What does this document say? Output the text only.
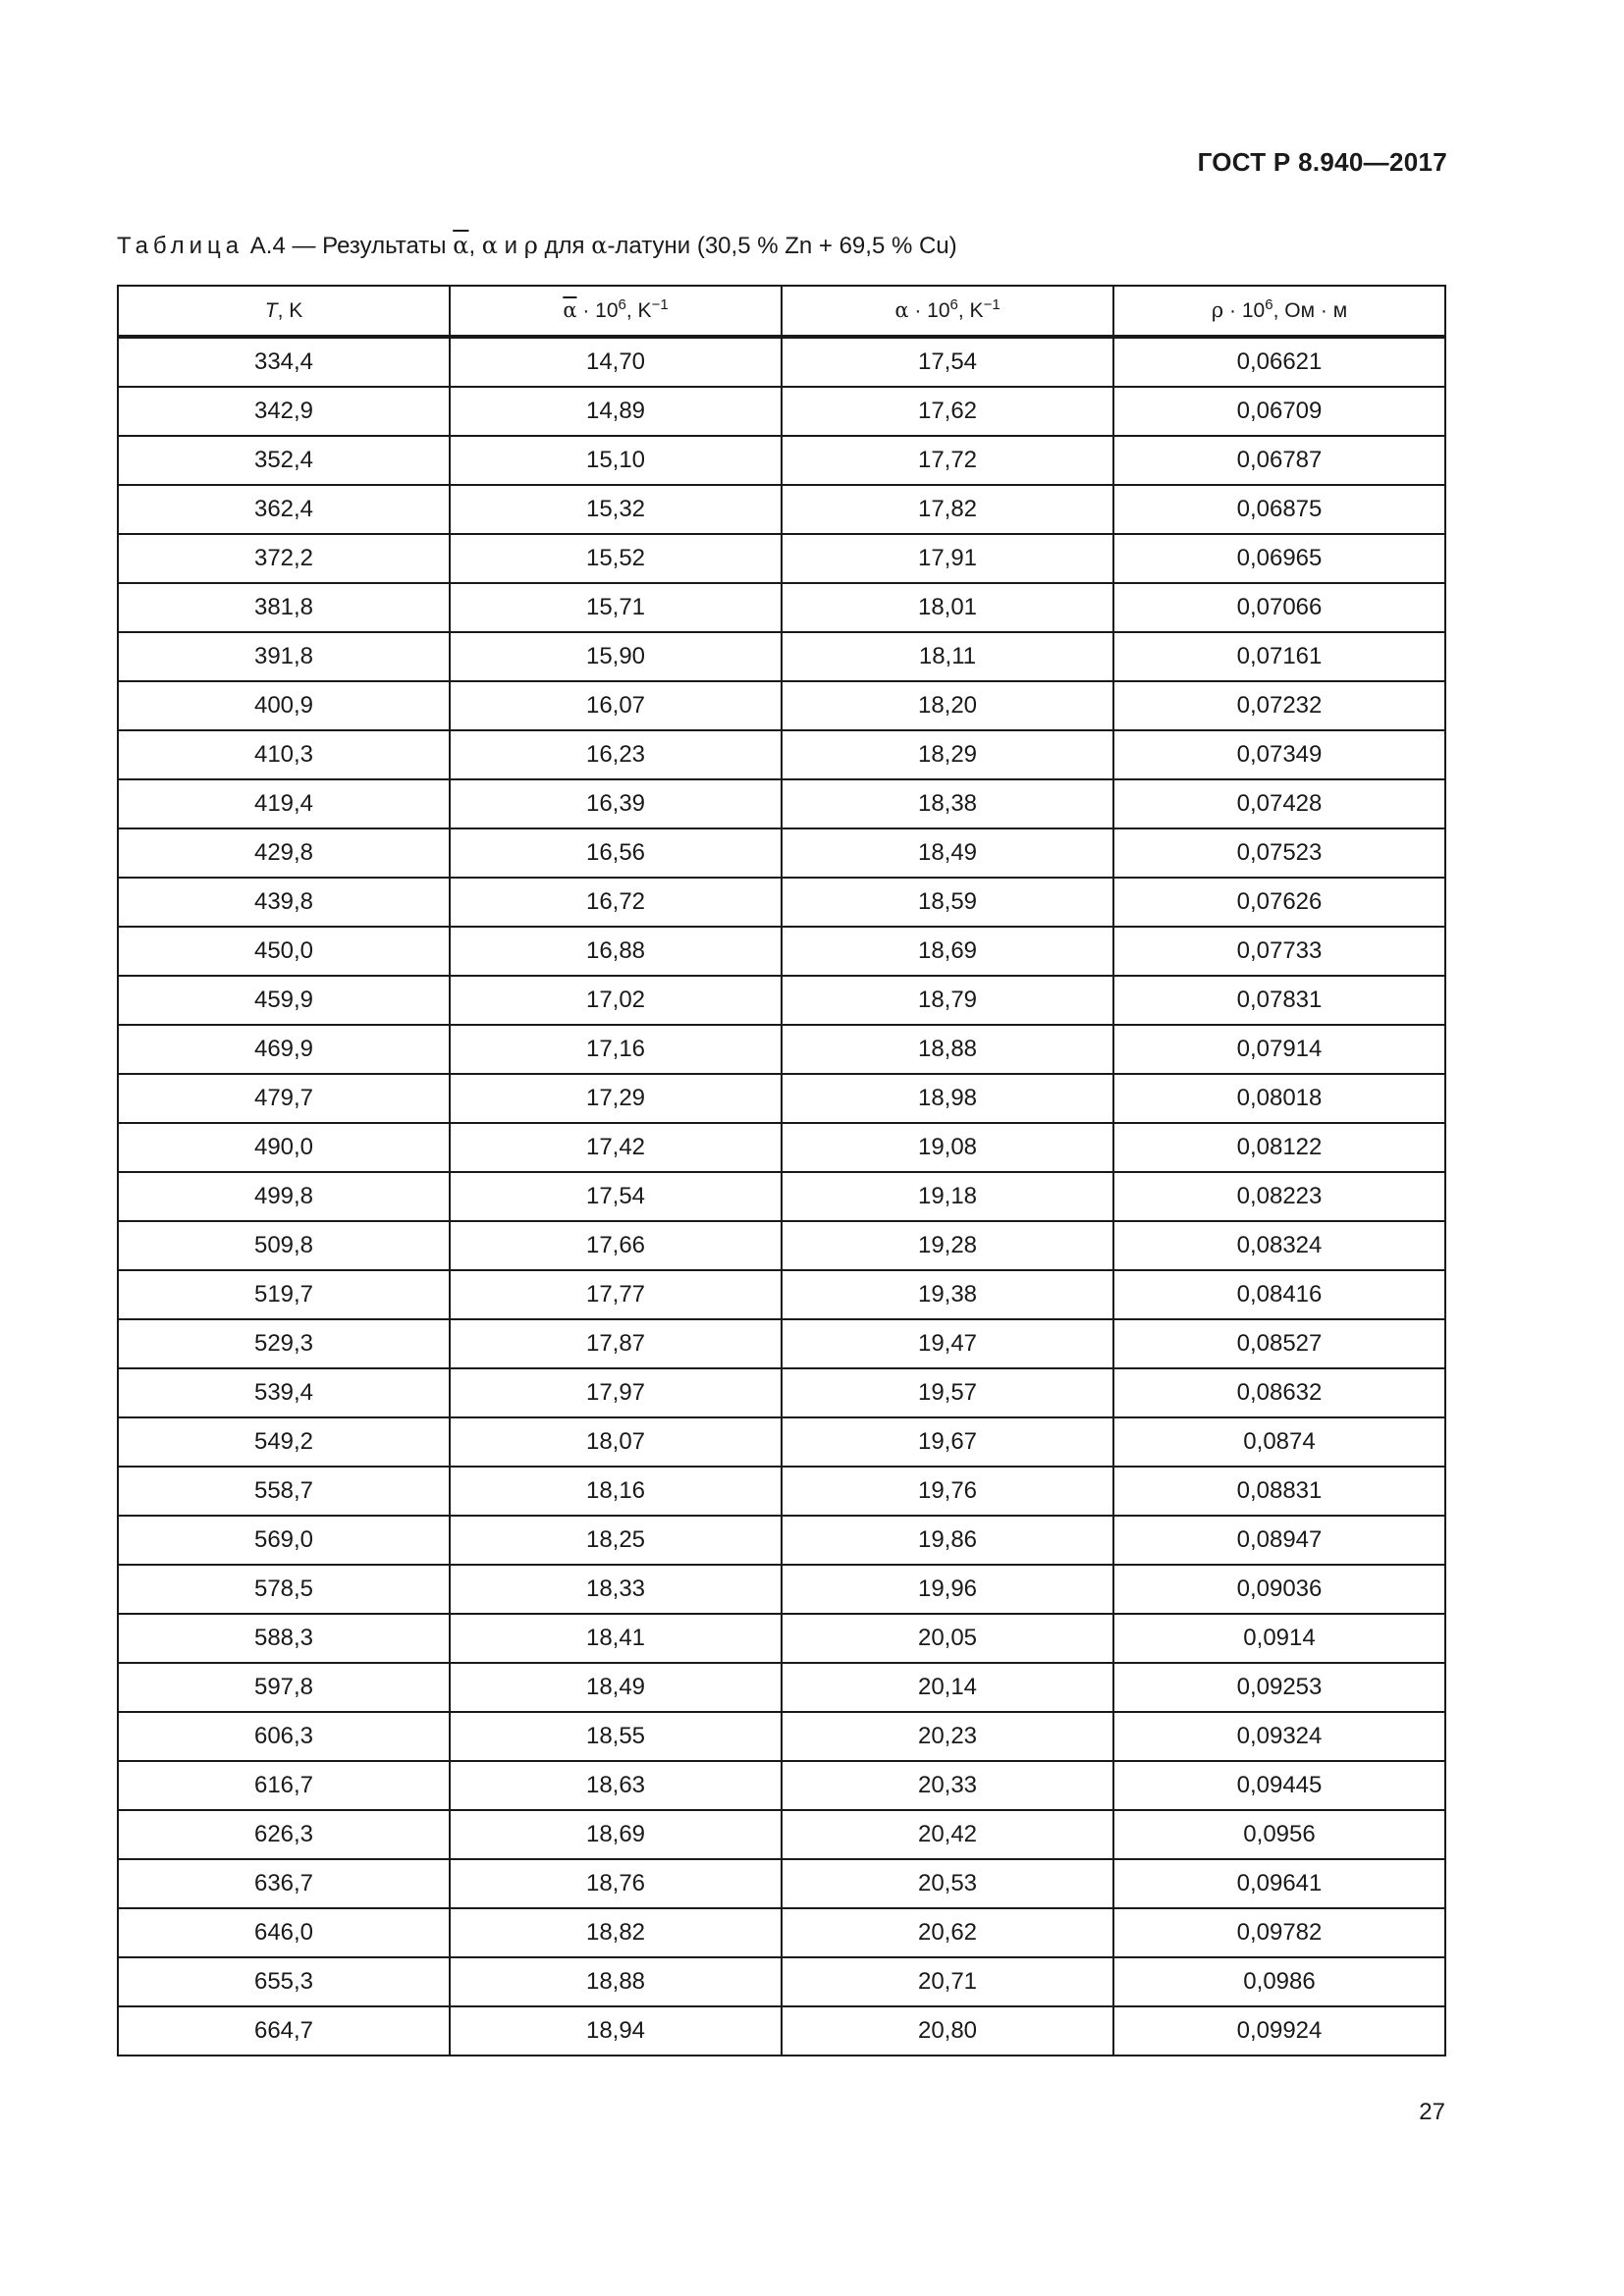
ГОСТ Р 8.940—2017
Таблица А.4 — Результаты $\overline{\alpha}$, α и ρ для α-латуни (30,5 % Zn + 69,5 % Cu)
T, K	$\overline{\alpha} \cdot 10^6$, $K^{-1}$	$\alpha \cdot 10^6$, $K^{-1}$	$\rho \cdot 10^6$, Ом · м
334,4	14,70	17,54	0,06621
342,9	14,89	17,62	0,06709
352,4	15,10	17,72	0,06787
362,4	15,32	17,82	0,06875
372,2	15,52	17,91	0,06965
381,8	15,71	18,01	0,07066
391,8	15,90	18,11	0,07161
400,9	16,07	18,20	0,07232
410,3	16,23	18,29	0,07349
419,4	16,39	18,38	0,07428
429,8	16,56	18,49	0,07523
439,8	16,72	18,59	0,07626
450,0	16,88	18,69	0,07733
459,9	17,02	18,79	0,07831
469,9	17,16	18,88	0,07914
479,7	17,29	18,98	0,08018
490,0	17,42	19,08	0,08122
499,8	17,54	19,18	0,08223
509,8	17,66	19,28	0,08324
519,7	17,77	19,38	0,08416
529,3	17,87	19,47	0,08527
539,4	17,97	19,57	0,08632
549,2	18,07	19,67	0,0874
558,7	18,16	19,76	0,08831
569,0	18,25	19,86	0,08947
578,5	18,33	19,96	0,09036
588,3	18,41	20,05	0,0914
597,8	18,49	20,14	0,09253
606,3	18,55	20,23	0,09324
616,7	18,63	20,33	0,09445
626,3	18,69	20,42	0,0956
636,7	18,76	20,53	0,09641
646,0	18,82	20,62	0,09782
655,3	18,88	20,71	0,0986
664,7	18,94	20,80	0,09924
27
